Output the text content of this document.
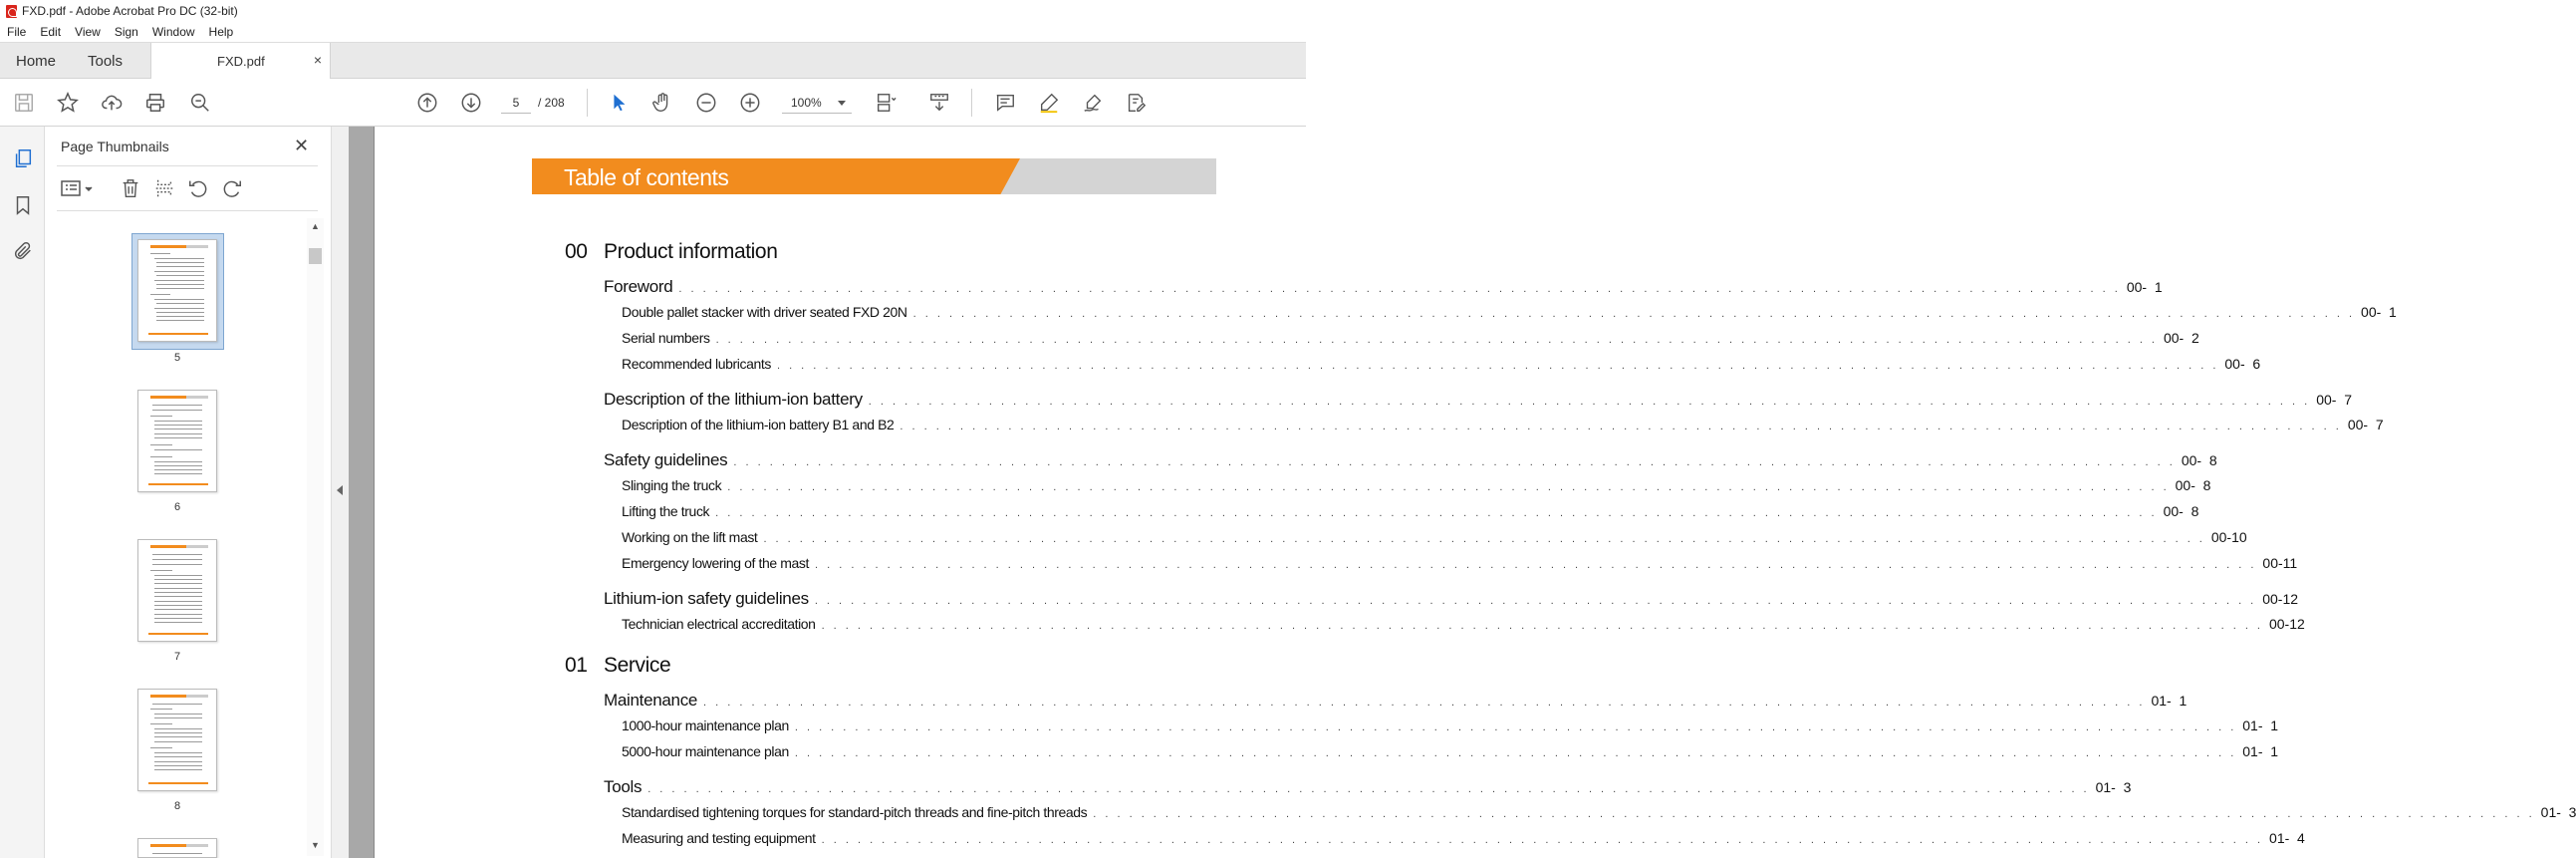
FXD.pdf - Adobe Acrobat Pro DC (32-bit)
File	Edit	View	Sign	Window	Help
Home Tools	FXD.pdf	×
5	/ 208	100%
Page Thumbnails	✕
5
6
7
8
▲
▼
Table of contents
00 Product information
Foreword . . . . . . . . . . . . . . . . . . . . . . . . . . . . . . . . . . . . . . . . . . . . . . . . . . . . . . . . . . . . . . . . . . . . . . . . . . . . . . . . . . . . . . . . . . . . . . . . . . . . . . . . . . . . . . . . . . . . . . . . 00-  1
Double pallet stacker with driver seated FXD 20N . . . . . . . . . . . . . . . . . . . . . . . . . . . . . . . . . . . . . . . . . . . . . . . . . . . . . . . . . . . . . . . . . . . . . . . . . . . . . . . . . . . . . . . . . . . . . . . . . . . . . . . . . . . . . . . . . . . . . . . . 00-  1
Serial numbers . . . . . . . . . . . . . . . . . . . . . . . . . . . . . . . . . . . . . . . . . . . . . . . . . . . . . . . . . . . . . . . . . . . . . . . . . . . . . . . . . . . . . . . . . . . . . . . . . . . . . . . . . . . . . . . . . . . . . . . . 00-  2
Recommended lubricants . . . . . . . . . . . . . . . . . . . . . . . . . . . . . . . . . . . . . . . . . . . . . . . . . . . . . . . . . . . . . . . . . . . . . . . . . . . . . . . . . . . . . . . . . . . . . . . . . . . . . . . . . . . . . . . . . . . . . . . . 00-  6
Description of the lithium-ion battery . . . . . . . . . . . . . . . . . . . . . . . . . . . . . . . . . . . . . . . . . . . . . . . . . . . . . . . . . . . . . . . . . . . . . . . . . . . . . . . . . . . . . . . . . . . . . . . . . . . . . . . . . . . . . . . . . . . . . . . . 00-  7
Description of the lithium-ion battery B1 and B2 . . . . . . . . . . . . . . . . . . . . . . . . . . . . . . . . . . . . . . . . . . . . . . . . . . . . . . . . . . . . . . . . . . . . . . . . . . . . . . . . . . . . . . . . . . . . . . . . . . . . . . . . . . . . . . . . . . . . . . . . 00-  7
Safety guidelines . . . . . . . . . . . . . . . . . . . . . . . . . . . . . . . . . . . . . . . . . . . . . . . . . . . . . . . . . . . . . . . . . . . . . . . . . . . . . . . . . . . . . . . . . . . . . . . . . . . . . . . . . . . . . . . . . . . . . . . . 00-  8
Slinging the truck . . . . . . . . . . . . . . . . . . . . . . . . . . . . . . . . . . . . . . . . . . . . . . . . . . . . . . . . . . . . . . . . . . . . . . . . . . . . . . . . . . . . . . . . . . . . . . . . . . . . . . . . . . . . . . . . . . . . . . . . 00-  8
Lifting the truck . . . . . . . . . . . . . . . . . . . . . . . . . . . . . . . . . . . . . . . . . . . . . . . . . . . . . . . . . . . . . . . . . . . . . . . . . . . . . . . . . . . . . . . . . . . . . . . . . . . . . . . . . . . . . . . . . . . . . . . . 00-  8
Working on the lift mast . . . . . . . . . . . . . . . . . . . . . . . . . . . . . . . . . . . . . . . . . . . . . . . . . . . . . . . . . . . . . . . . . . . . . . . . . . . . . . . . . . . . . . . . . . . . . . . . . . . . . . . . . . . . . . . . . . . . . . . . 00-10
Emergency lowering of the mast . . . . . . . . . . . . . . . . . . . . . . . . . . . . . . . . . . . . . . . . . . . . . . . . . . . . . . . . . . . . . . . . . . . . . . . . . . . . . . . . . . . . . . . . . . . . . . . . . . . . . . . . . . . . . . . . . . . . . . . . 00-11
Lithium-ion safety guidelines . . . . . . . . . . . . . . . . . . . . . . . . . . . . . . . . . . . . . . . . . . . . . . . . . . . . . . . . . . . . . . . . . . . . . . . . . . . . . . . . . . . . . . . . . . . . . . . . . . . . . . . . . . . . . . . . . . . . . . . . 00-12
Technician electrical accreditation . . . . . . . . . . . . . . . . . . . . . . . . . . . . . . . . . . . . . . . . . . . . . . . . . . . . . . . . . . . . . . . . . . . . . . . . . . . . . . . . . . . . . . . . . . . . . . . . . . . . . . . . . . . . . . . . . . . . . . . . 00-12
01 Service
Maintenance . . . . . . . . . . . . . . . . . . . . . . . . . . . . . . . . . . . . . . . . . . . . . . . . . . . . . . . . . . . . . . . . . . . . . . . . . . . . . . . . . . . . . . . . . . . . . . . . . . . . . . . . . . . . . . . . . . . . . . . . 01-  1
1000-hour maintenance plan . . . . . . . . . . . . . . . . . . . . . . . . . . . . . . . . . . . . . . . . . . . . . . . . . . . . . . . . . . . . . . . . . . . . . . . . . . . . . . . . . . . . . . . . . . . . . . . . . . . . . . . . . . . . . . . . . . . . . . . . 01-  1
5000-hour maintenance plan . . . . . . . . . . . . . . . . . . . . . . . . . . . . . . . . . . . . . . . . . . . . . . . . . . . . . . . . . . . . . . . . . . . . . . . . . . . . . . . . . . . . . . . . . . . . . . . . . . . . . . . . . . . . . . . . . . . . . . . . 01-  1
Tools . . . . . . . . . . . . . . . . . . . . . . . . . . . . . . . . . . . . . . . . . . . . . . . . . . . . . . . . . . . . . . . . . . . . . . . . . . . . . . . . . . . . . . . . . . . . . . . . . . . . . . . . . . . . . . . . . . . . . . . . 01-  3
Standardised tightening torques for standard-pitch threads and fine-pitch threads . . . . . . . . . . . . . . . . . . . . . . . . . . . . . . . . . . . . . . . . . . . . . . . . . . . . . . . . . . . . . . . . . . . . . . . . . . . . . . . . . . . . . . . . . . . . . . . . . . . . . . . . . . . . . . . . . . . . . . . . 01-  3
Measuring and testing equipment . . . . . . . . . . . . . . . . . . . . . . . . . . . . . . . . . . . . . . . . . . . . . . . . . . . . . . . . . . . . . . . . . . . . . . . . . . . . . . . . . . . . . . . . . . . . . . . . . . . . . . . . . . . . . . . . . . . . . . . . 01-  4
